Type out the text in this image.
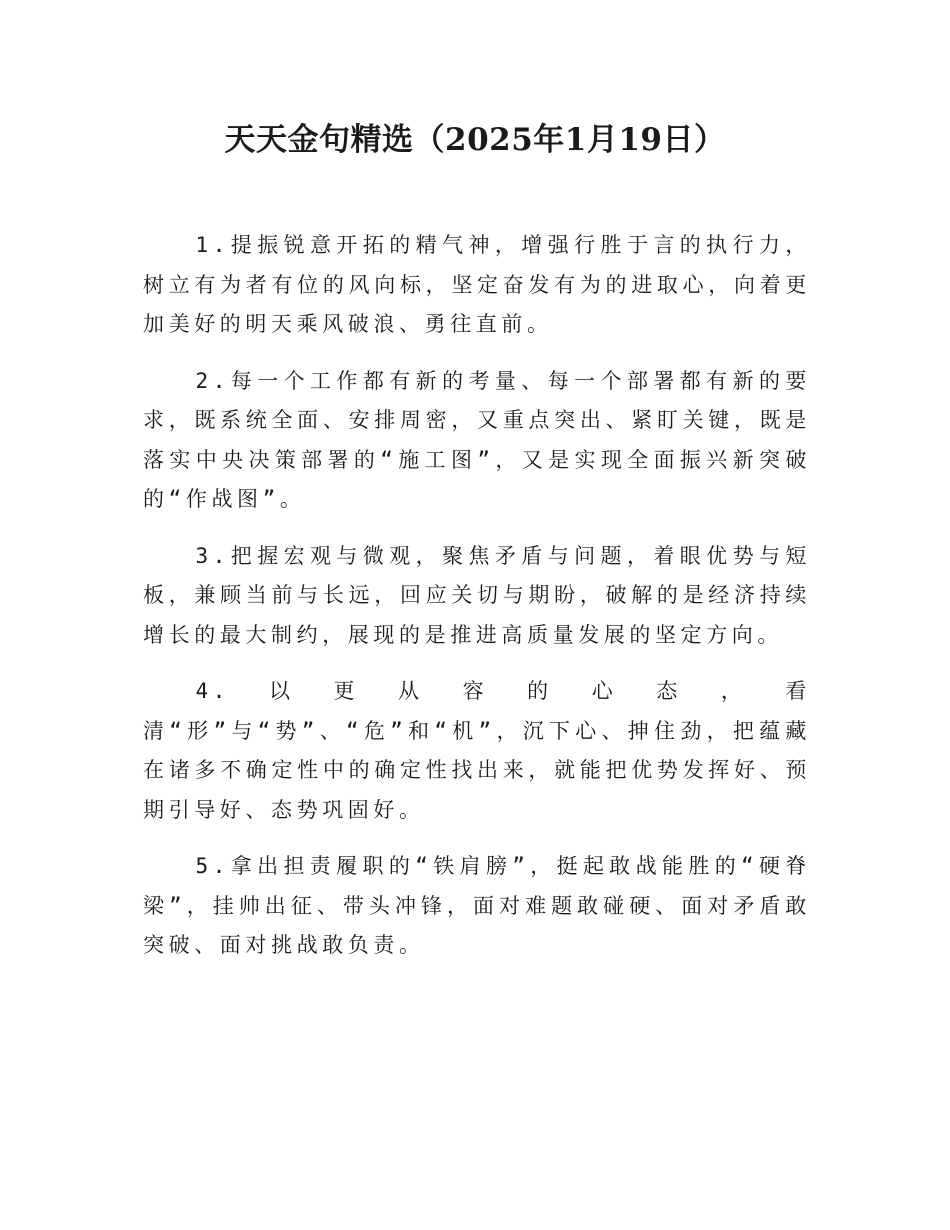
天天金句精选（2025年1月19日）

1.提振锐意开拓的精气神，增强行胜于言的执行力，树立有为者有位的风向标，坚定奋发有为的进取心，向着更加美好的明天乘风破浪、勇往直前。

2.每一个工作都有新的考量、每一个部署都有新的要求，既系统全面、安排周密，又重点突出、紧盯关键，既是落实中央决策部署的“施工图”，又是实现全面振兴新突破的“作战图”。

3.把握宏观与微观，聚焦矛盾与问题，着眼优势与短板，兼顾当前与长远，回应关切与期盼，破解的是经济持续增长的最大制约，展现的是推进高质量发展的坚定方向。

4.以更从容的心态，看清“形”与“势”、“危”和“机”，沉下心、抻住劲，把蕴藏在诸多不确定性中的确定性找出来，就能把优势发挥好、预期引导好、态势巩固好。

5.拿出担责履职的“铁肩膀”，挺起敢战能胜的“硬脊梁”，挂帅出征、带头冲锋，面对难题敢碰硬、面对矛盾敢突破、面对挑战敢负责。
